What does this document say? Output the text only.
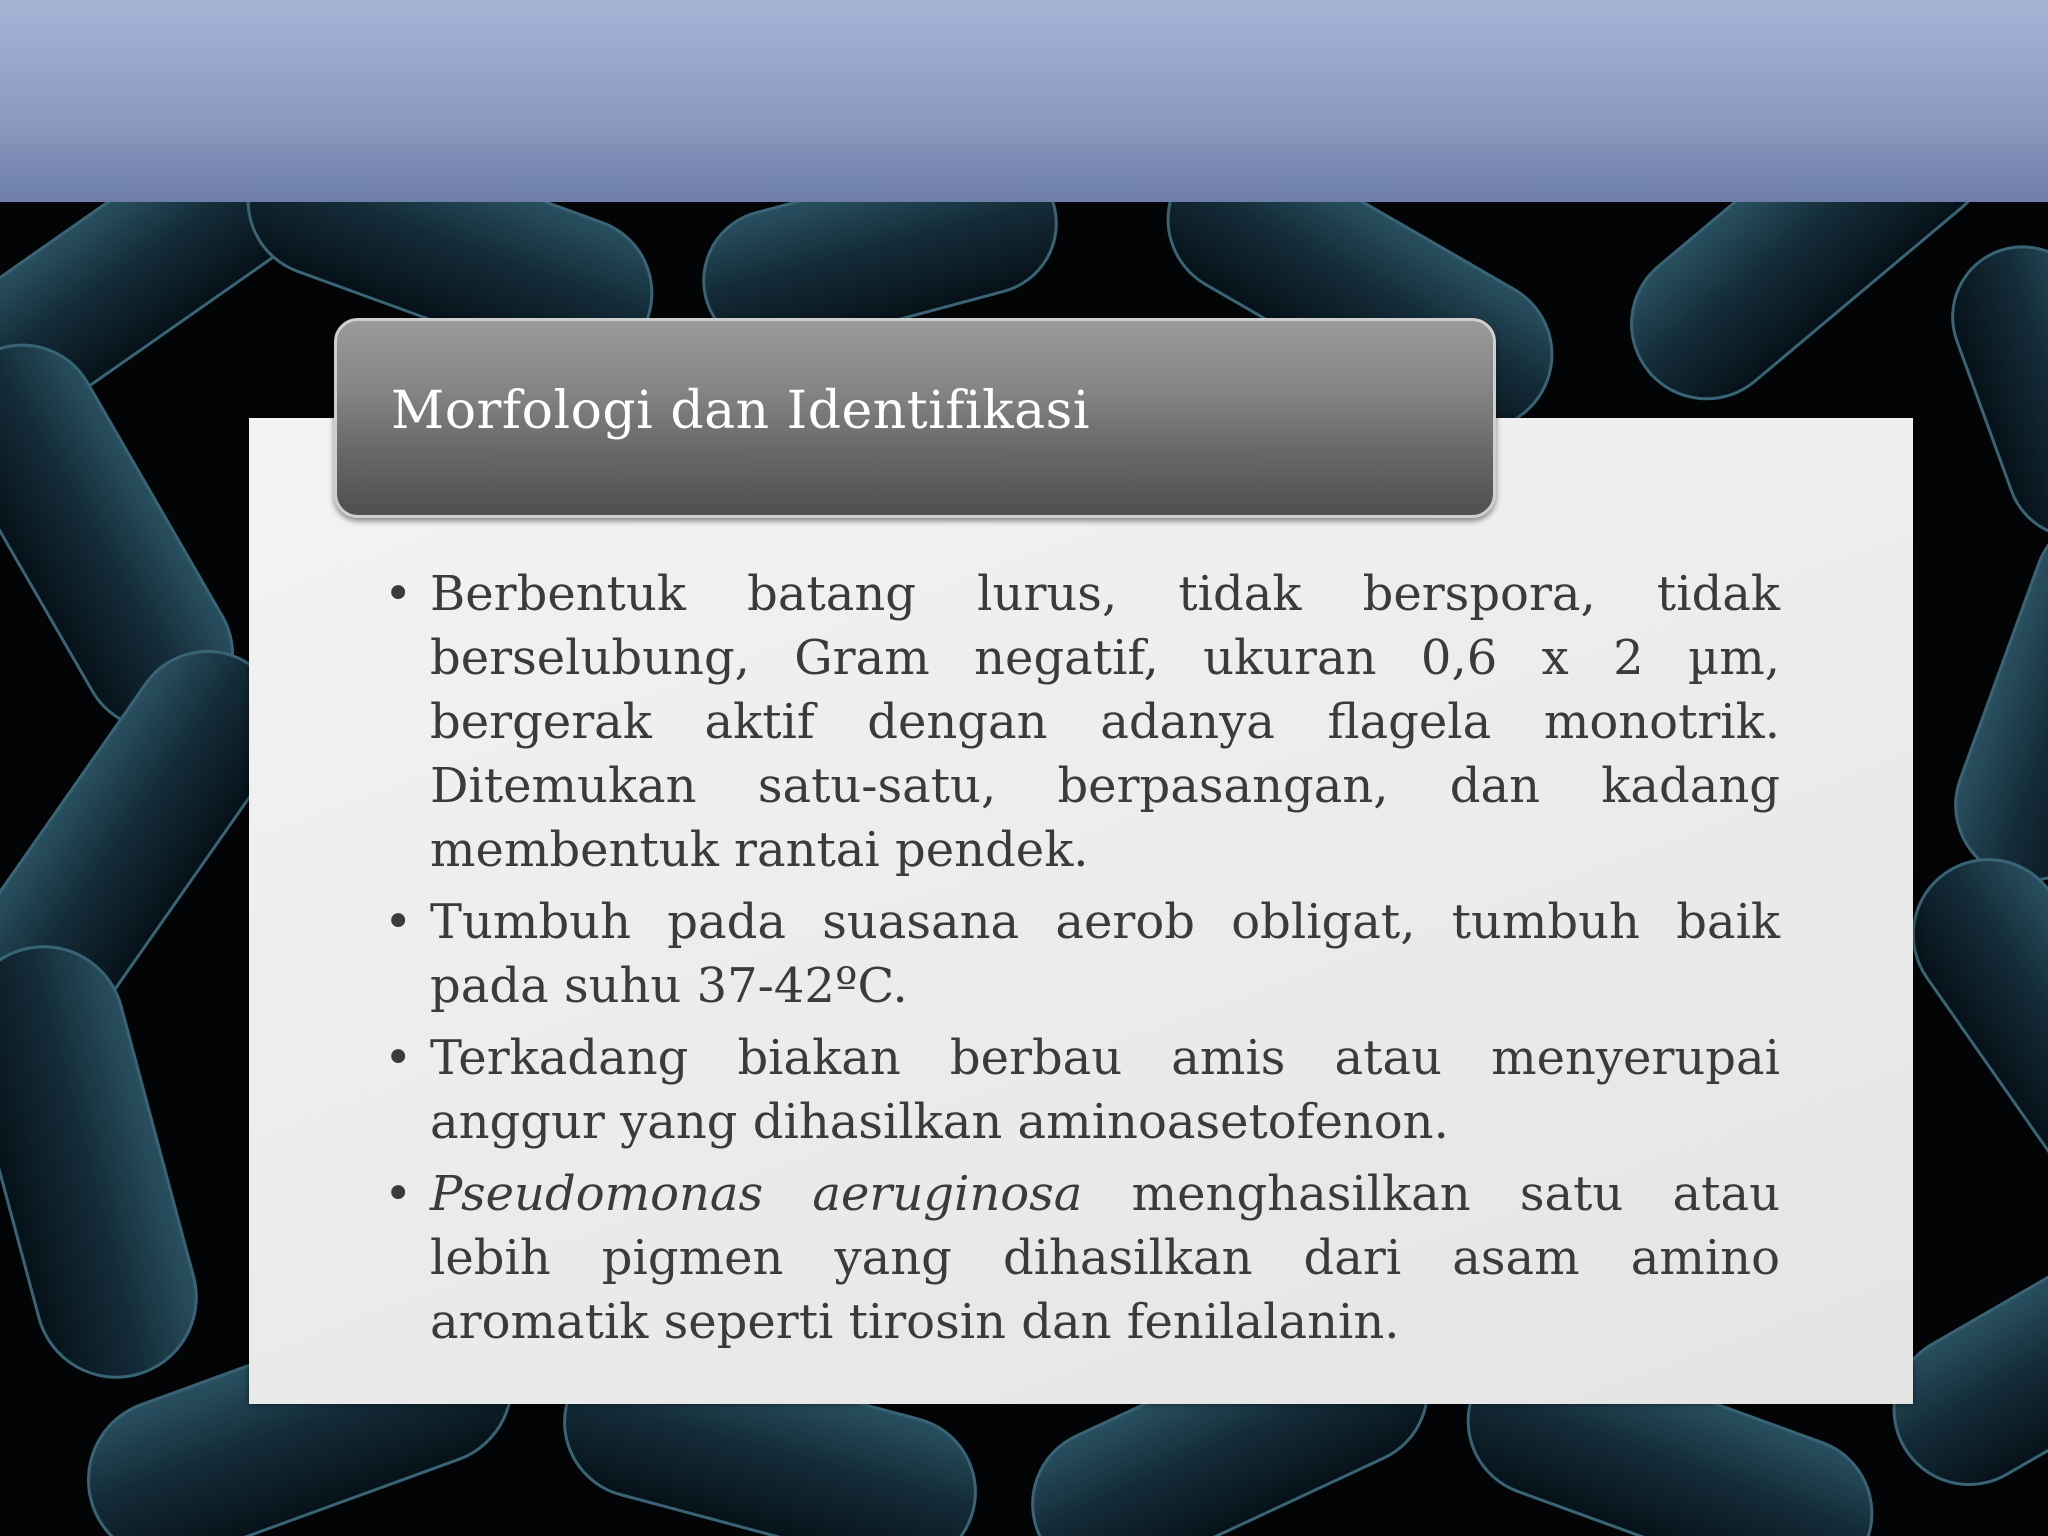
Morfologi dan Identifikasi
• Berbentuk batang lurus, tidak berspora, tidak berselubung, Gram negatif, ukuran 0,6 x 2 µm, bergerak aktif dengan adanya flagela monotrik. Ditemukan satu-satu, berpasangan, dan kadang membentuk rantai pendek.
• Tumbuh pada suasana aerob obligat, tumbuh baik pada suhu 37-42ºC.
• Terkadang biakan berbau amis atau menyerupai anggur yang dihasilkan aminoasetofenon.
• Pseudomonas aeruginosa menghasilkan satu atau lebih pigmen yang dihasilkan dari asam amino aromatik seperti tirosin dan fenilalanin.
